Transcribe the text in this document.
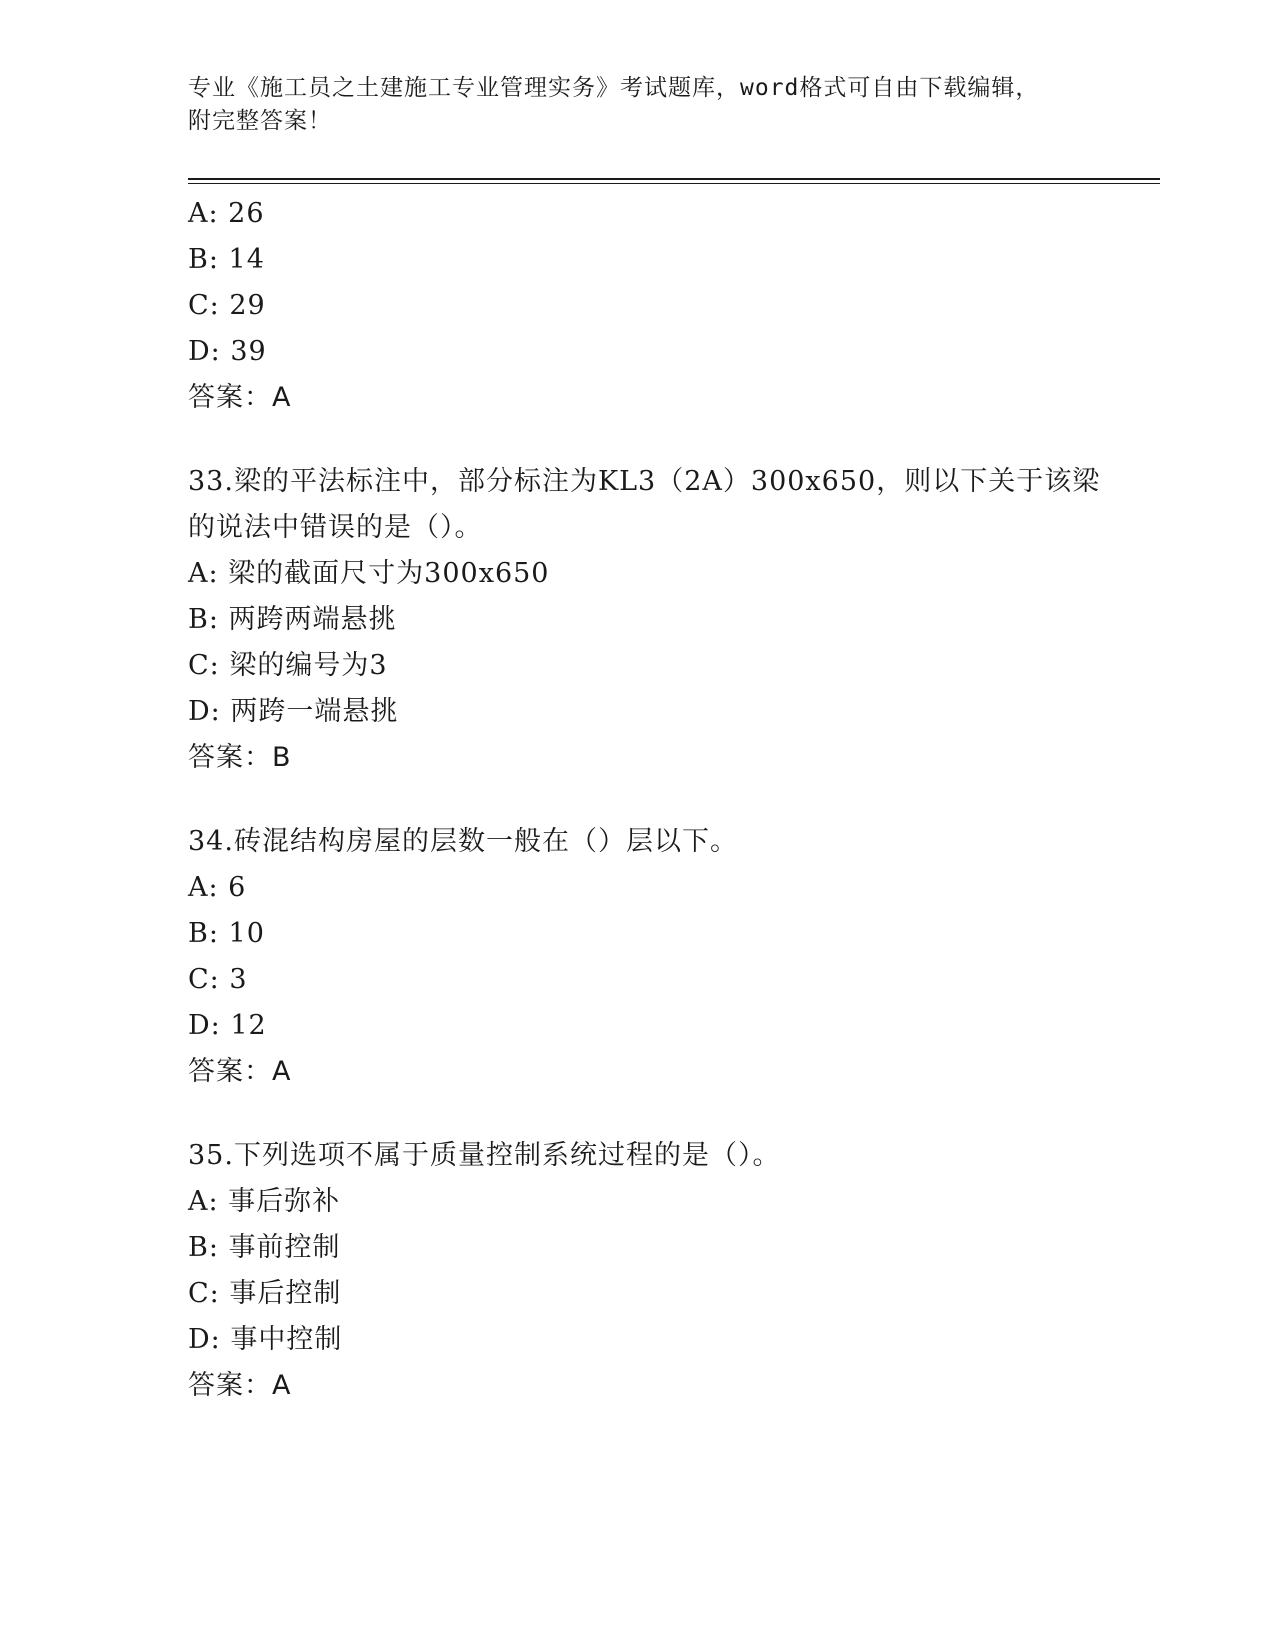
专业《施工员之土建施工专业管理实务》考试题库，word格式可自由下载编辑，
附完整答案！
A: 26
B: 14
C: 29
D: 39
答案：A
33.梁的平法标注中，部分标注为KL3（2A）300x650，则以下关于该梁
的说法中错误的是（）。
A: 梁的截面尺寸为300x650
B: 两跨两端悬挑
C: 梁的编号为3
D: 两跨一端悬挑
答案：B
34.砖混结构房屋的层数一般在（）层以下。
A: 6
B: 10
C: 3
D: 12
答案：A
35.下列选项不属于质量控制系统过程的是（）。
A: 事后弥补
B: 事前控制
C: 事后控制
D: 事中控制
答案：A
